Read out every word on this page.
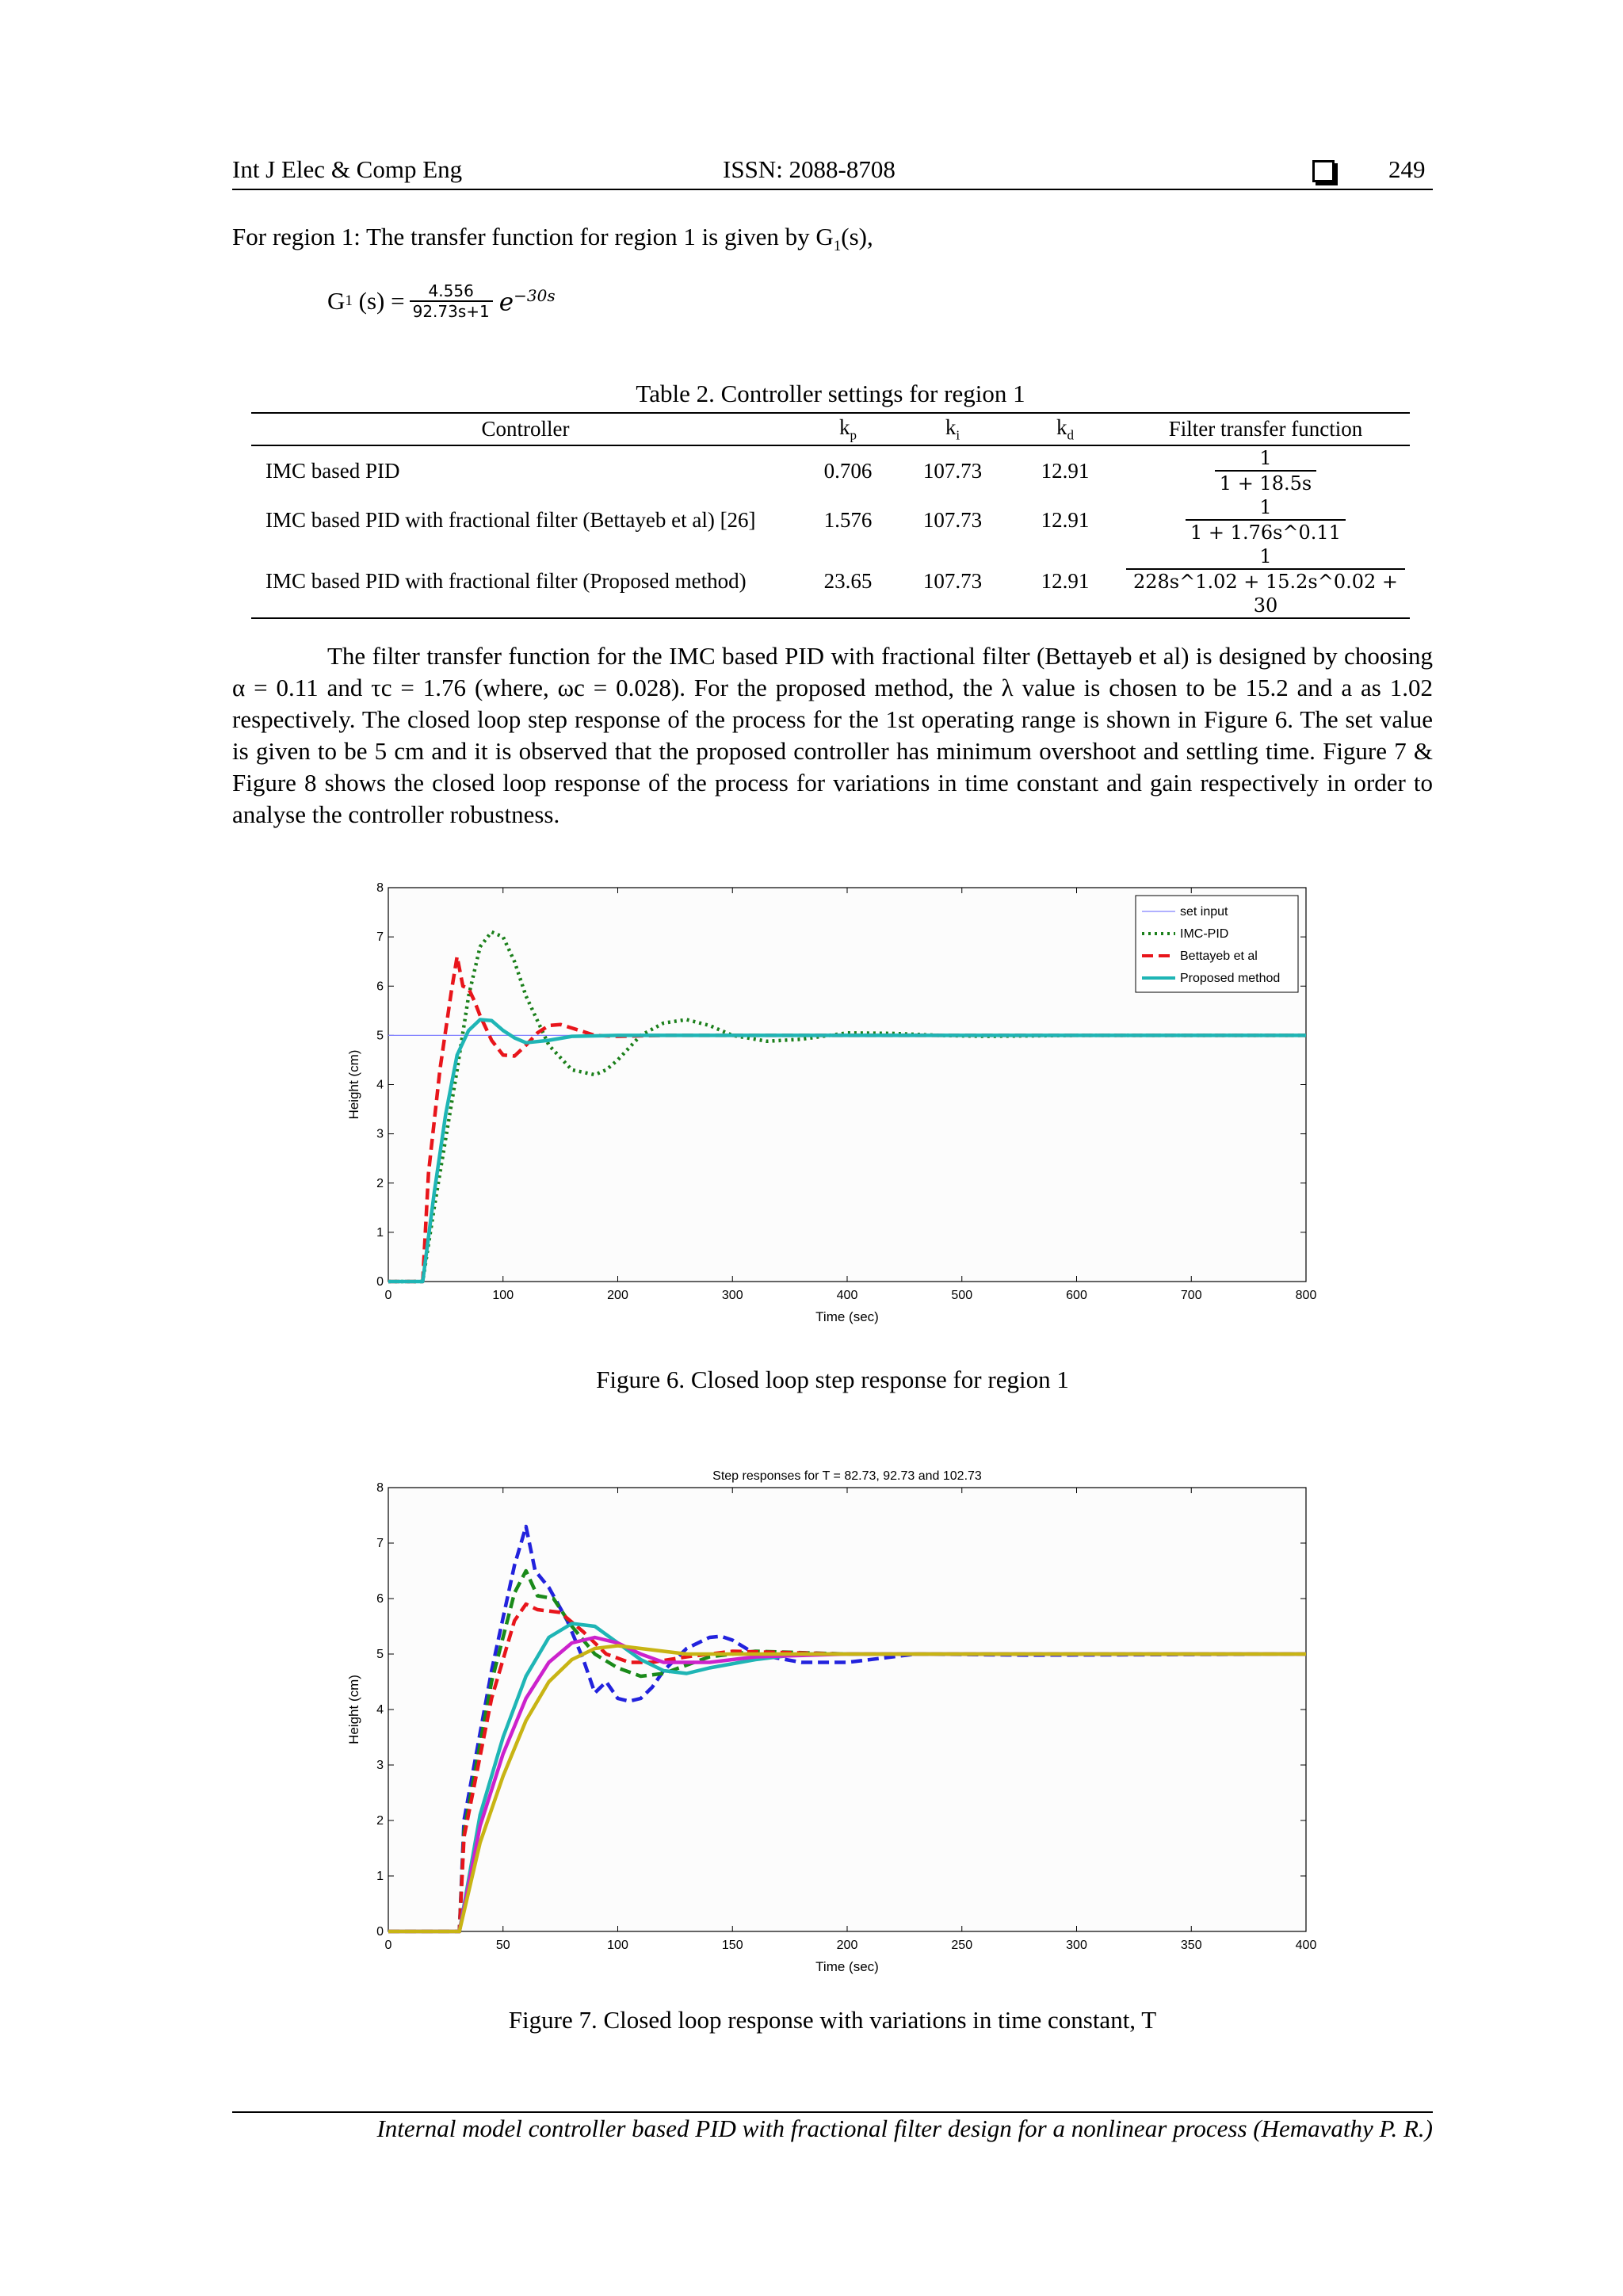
Int J Elec & Comp Eng	ISSN: 2088-8708	249
For region 1: The transfer function for region 1 is given by $G_1(s)$,
G 1 $(s) = \frac{4.556}{92.73s+1} e^{-30s}$
Table 2. Controller settings for region 1
Controller	$k_p$	$k_i$	$k_d$	Filter transfer function
IMC based PID	0.706	107.73	12.91	$\frac{1}{1 + 18.5s}$

IMC based PID with fractional filter (Bettayeb et al) [26]	1.576	107.73	12.91	$\frac{1}{1 + 1.76s\^{}0.11}$

IMC based PID with fractional filter (Proposed method)	23.65	107.73	12.91	$\frac{1}{228s\^{}1.02 + 15.2s\^{}0.02 + 30}$
The filter transfer function for the IMC based PID with fractional filter (Bettayeb et al) is designed by choosing α = 0.11 and τc = 1.76 (where, ωc = 0.028). For the proposed method, the λ value is chosen to be 15.2 and a as 1.02 respectively. The closed loop step response of the process for the 1st operating range is shown in Figure 6. The set value is given to be 5 cm and it is observed that the proposed controller has minimum overshoot and settling time. Figure 7 & Figure 8 shows the closed loop response of the process for variations in time constant and gain respectively in order to analyse the controller robustness.
0	100	200	300	400	500	600	700	800
0
1
2
3
4
5
6
7
8
Time (sec)
Height (cm)
set input
IMC-PID
Bettayeb et al
Proposed method
Figure 6. Closed loop step response for region 1
0	50	100	150	200	250	300	350	400
0
1
2
3
4
5
6
7
8
Time (sec)
Height (cm)
Step responses for T = 82.73, 92.73 and 102.73
Figure 7. Closed loop response with variations in time constant, T
Internal model controller based PID with fractional filter design for a nonlinear process (Hemavathy P. R.)
